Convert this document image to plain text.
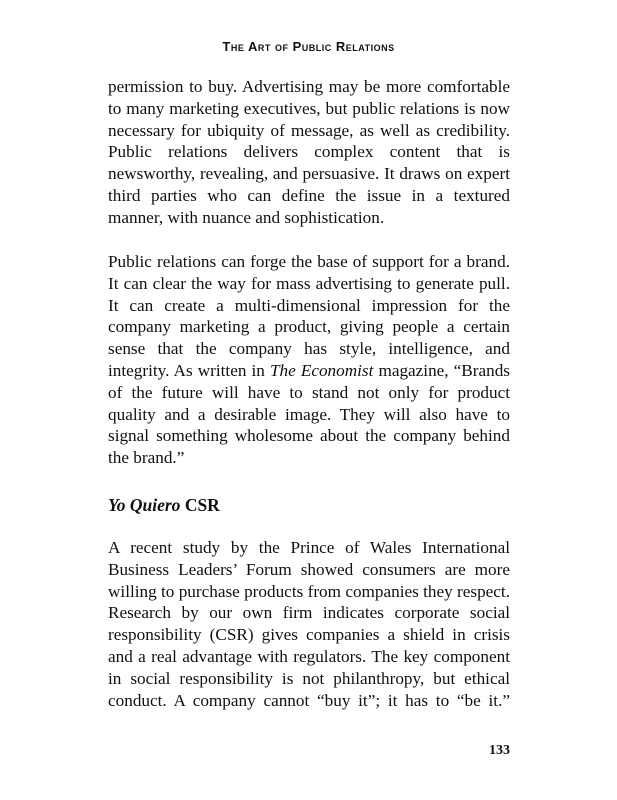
The Art of Public Relations

permission to buy. Advertising may be more comfortable to many marketing executives, but public relations is now necessary for ubiquity of message, as well as credibility. Public relations delivers complex content that is newsworthy, revealing, and persuasive. It draws on expert third parties who can define the issue in a textured manner, with nuance and sophistication.

Public relations can forge the base of support for a brand. It can clear the way for mass advertising to generate pull. It can create a multi-dimensional impression for the company marketing a product, giving people a certain sense that the company has style, intelligence, and integrity. As written in The Economist magazine, “Brands of the future will have to stand not only for product quality and a desirable image. They will also have to signal something wholesome about the company behind the brand.”

Yo Quiero CSR

A recent study by the Prince of Wales International Business Leaders’ Forum showed consumers are more willing to purchase products from companies they respect. Research by our own firm indicates corporate social responsibility (CSR) gives companies a shield in crisis and a real advantage with regulators. The key component in social responsibility is not philanthropy, but ethical conduct. A company cannot “buy it”; it has to “be it.”

133
